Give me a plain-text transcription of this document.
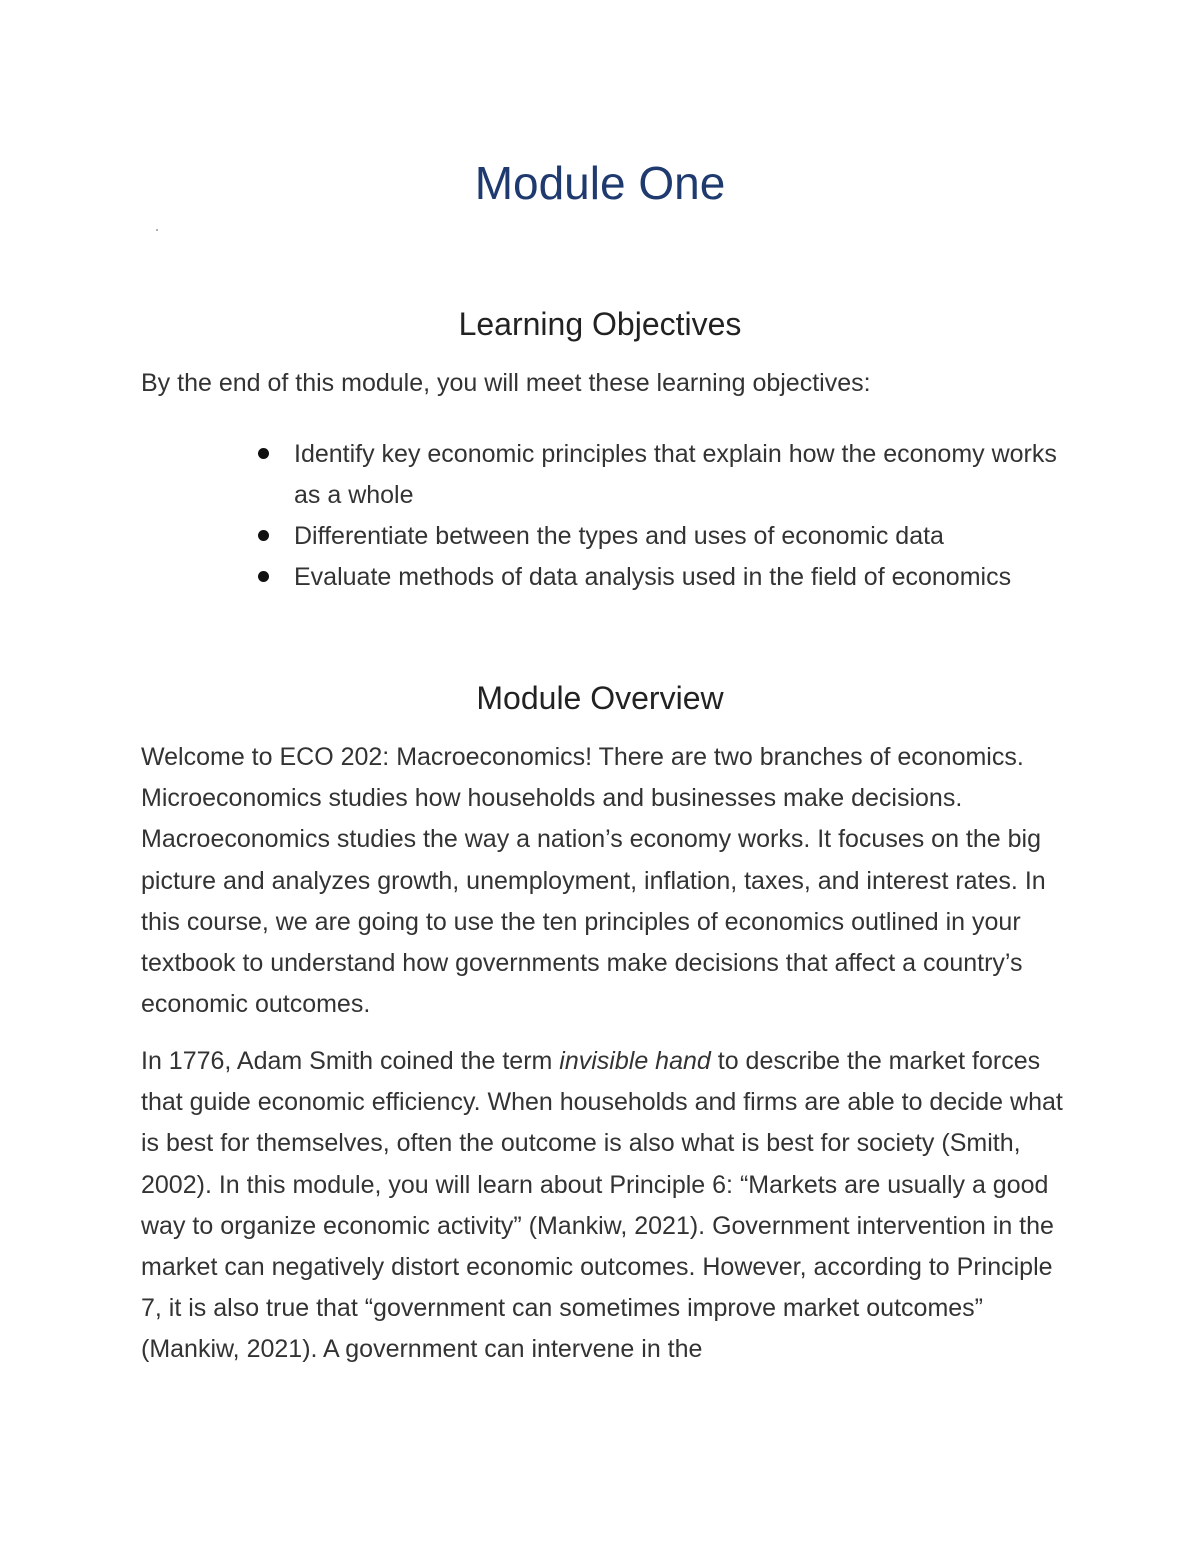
Module One
Learning Objectives

By the end of this module, you will meet these learning objectives:

Identify key economic principles that explain how the economy works as a whole
Differentiate between the types and uses of economic data
Evaluate methods of data analysis used in the field of economics
Module Overview

Welcome to ECO 202: Macroeconomics! There are two branches of economics. Microeconomics studies how households and businesses make decisions. Macroeconomics studies the way a nation’s economy works. It focuses on the big picture and analyzes growth, unemployment, inflation, taxes, and interest rates. In this course, we are going to use the ten principles of economics outlined in your textbook to understand how governments make decisions that affect a country’s economic outcomes.

In 1776, Adam Smith coined the term invisible hand to describe the market forces that guide economic efficiency. When households and firms are able to decide what is best for themselves, often the outcome is also what is best for society (Smith, 2002). In this module, you will learn about Principle 6: “Markets are usually a good way to organize economic activity” (Mankiw, 2021). Government intervention in the market can negatively distort economic outcomes. However, according to Principle 7, it is also true that “government can sometimes improve market outcomes” (Mankiw, 2021). A government can intervene in the
